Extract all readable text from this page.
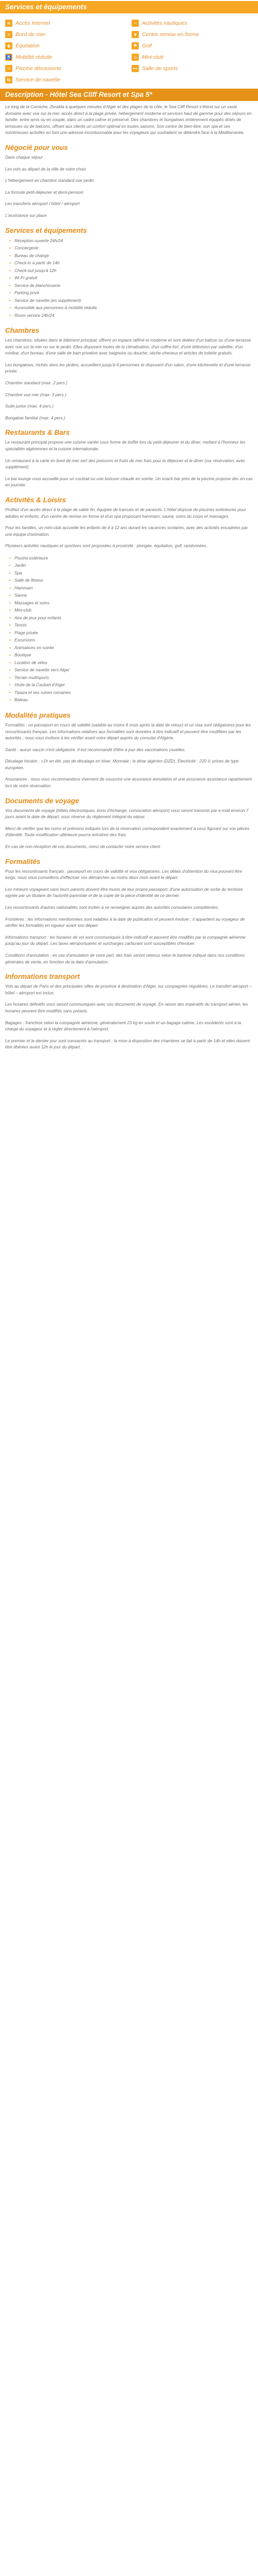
Services et équipements
≋ Accès Internet	~ Activités nautiques
≈	Bord de mer	♥ Centre remise en forme
♞ Équitation	⚑ Golf
♿ Mobilité réduite	☺ Mini-club
≈	Piscine découverte	⊷ Salle de sports
⇆ Service de navette
Description - Hôtel Sea Cliff Resort et Spa 5*

Le long de la Corniche, Zeralda à quelques minutes d'Alger et des plages de la côte, le Sea Cliff Resort s'étend sur un vaste domaine avec vue sur la mer, accès direct à la plage privée, hébergement moderne et services haut de gamme pour des séjours en famille, entre amis ou en couple, dans un cadre calme et préservé. Des chambres et bungalows entièrement équipés dotés de terrasses ou de balcons, offrant aux clients un confort optimal en toutes saisons. Son centre de bien-être, son spa et ses nombreuses activités en font une adresse incontournable pour les voyageurs qui souhaitent se détendre face à la Méditerranée.

Négocié pour vous

Dans chaque séjour :

Les vols au départ de la ville de votre choix

L'hébergement en chambre standard vue jardin

La formule petit-déjeuner et demi-pension

Les transferts aéroport / hôtel / aéroport

L'assistance sur place

Services et équipements
• Réception ouverte 24h/24
• Conciergerie
• Bureau de change
• Check-in à partir de 14h
• Check-out jusqu'à 12h
• Wi-Fi gratuit
• Service de blanchisserie
• Parking privé
• Service de navette (en supplément)
• Accessible aux personnes à mobilité réduite
• Room service 24h/24
Chambres

Les chambres, situées dans le bâtiment principal, offrent un espace raffiné et moderne et sont dotées d'un balcon ou d'une terrasse avec vue sur la mer ou sur le jardin. Elles disposent toutes de la climatisation, d'un coffre-fort, d'une télévision par satellite, d'un minibar, d'un bureau, d'une salle de bain privative avec baignoire ou douche, sèche-cheveux et articles de toilette gratuits.

Les bungalows, nichés dans les jardins, accueillent jusqu'à 4 personnes et disposent d'un salon, d'une kitchenette et d'une terrasse privée.

Chambre standard (max. 2 pers.)

Chambre vue mer (max. 3 pers.)

Suite junior (max. 4 pers.)

Bungalow familial (max. 4 pers.)

Restaurants & Bars

Le restaurant principal propose une cuisine variée sous forme de buffet lors du petit-déjeuner et du dîner, mettant à l'honneur les spécialités algériennes et la cuisine internationale.

Un restaurant à la carte en bord de mer sert des poissons et fruits de mer frais pour le déjeuner et le dîner (sur réservation, avec supplément).

Le bar lounge vous accueille pour un cocktail ou une boisson chaude en soirée. Un snack-bar près de la piscine propose des en-cas en journée.

Activités & Loisirs

Profitez d'un accès direct à la plage de sable fin, équipée de transats et de parasols. L'hôtel dispose de piscines extérieures pour adultes et enfants, d'un centre de remise en forme et d'un spa proposant hammam, sauna, soins du corps et massages.

Pour les familles, un mini-club accueille les enfants de 4 à 12 ans durant les vacances scolaires, avec des activités encadrées par une équipe d'animation.

Plusieurs activités nautiques et sportives sont proposées à proximité : plongée, équitation, golf, randonnées.

• Piscine extérieure
• Jardin
• Spa
• Salle de fitness
• Hammam
• Sauna
• Massages et soins
• Mini-club
• Aire de jeux pour enfants
• Tennis
• Plage privée
• Excursions
• Animations en soirée
• Boutique
• Location de vélos
• Service de navette vers Alger
• Terrain multisports
• Visite de la Casbah d'Alger
• Tipaza et ses ruines romaines
• Bateau
Modalités pratiques

Formalités : un passeport en cours de validité (valable au moins 6 mois après la date de retour) et un visa sont obligatoires pour les ressortissants français. Les informations relatives aux formalités sont données à titre indicatif et peuvent être modifiées par les autorités ; nous vous invitons à les vérifier avant votre départ auprès du consulat d'Algérie.

Santé : aucun vaccin n'est obligatoire. Il est recommandé d'être à jour des vaccinations usuelles.

Décalage horaire : +1h en été, pas de décalage en hiver. Monnaie : le dinar algérien (DZD). Électricité : 220 V, prises de type européen.

Assurances : nous vous recommandons vivement de souscrire une assurance annulation et une assurance assistance rapatriement lors de votre réservation.

Documents de voyage

Vos documents de voyage (billets électroniques, bons d'échange, convocation aéroport) vous seront transmis par e-mail environ 7 jours avant la date de départ, sous réserve du règlement intégral du séjour.

Merci de vérifier que les noms et prénoms indiqués lors de la réservation correspondent exactement à ceux figurant sur vos pièces d'identité. Toute modification ultérieure pourra entraîner des frais.

En cas de non-réception de vos documents, merci de contacter notre service client.

Formalités

Pour les ressortissants français : passeport en cours de validité et visa obligatoires. Les délais d'obtention du visa pouvant être longs, nous vous conseillons d'effectuer vos démarches au moins deux mois avant le départ.

Les mineurs voyageant sans leurs parents doivent être munis de leur propre passeport, d'une autorisation de sortie du territoire signée par un titulaire de l'autorité parentale et de la copie de la pièce d'identité de ce dernier.

Les ressortissants d'autres nationalités sont invités à se renseigner auprès des autorités consulaires compétentes.

Frontières : les informations mentionnées sont valables à la date de publication et peuvent évoluer ; il appartient au voyageur de vérifier les formalités en vigueur avant son départ.

Informations transport : les horaires de vol sont communiqués à titre indicatif et peuvent être modifiés par la compagnie aérienne jusqu'au jour du départ. Les taxes aéroportuaires et surcharges carburant sont susceptibles d'évoluer.

Conditions d'annulation : en cas d'annulation de votre part, des frais seront retenus selon le barème indiqué dans nos conditions générales de vente, en fonction de la date d'annulation.

Informations transport

Vols au départ de Paris et des principales villes de province à destination d'Alger, sur compagnies régulières. Le transfert aéroport – hôtel – aéroport est inclus.

Les horaires définitifs vous seront communiqués avec vos documents de voyage. En raison des impératifs du transport aérien, les horaires peuvent être modifiés sans préavis.

Bagages : franchise selon la compagnie aérienne, généralement 23 kg en soute et un bagage cabine. Les excédents sont à la charge du voyageur et à régler directement à l'aéroport.

Le premier et le dernier jour sont consacrés au transport ; la mise à disposition des chambres se fait à partir de 14h et elles doivent être libérées avant 12h le jour du départ.
